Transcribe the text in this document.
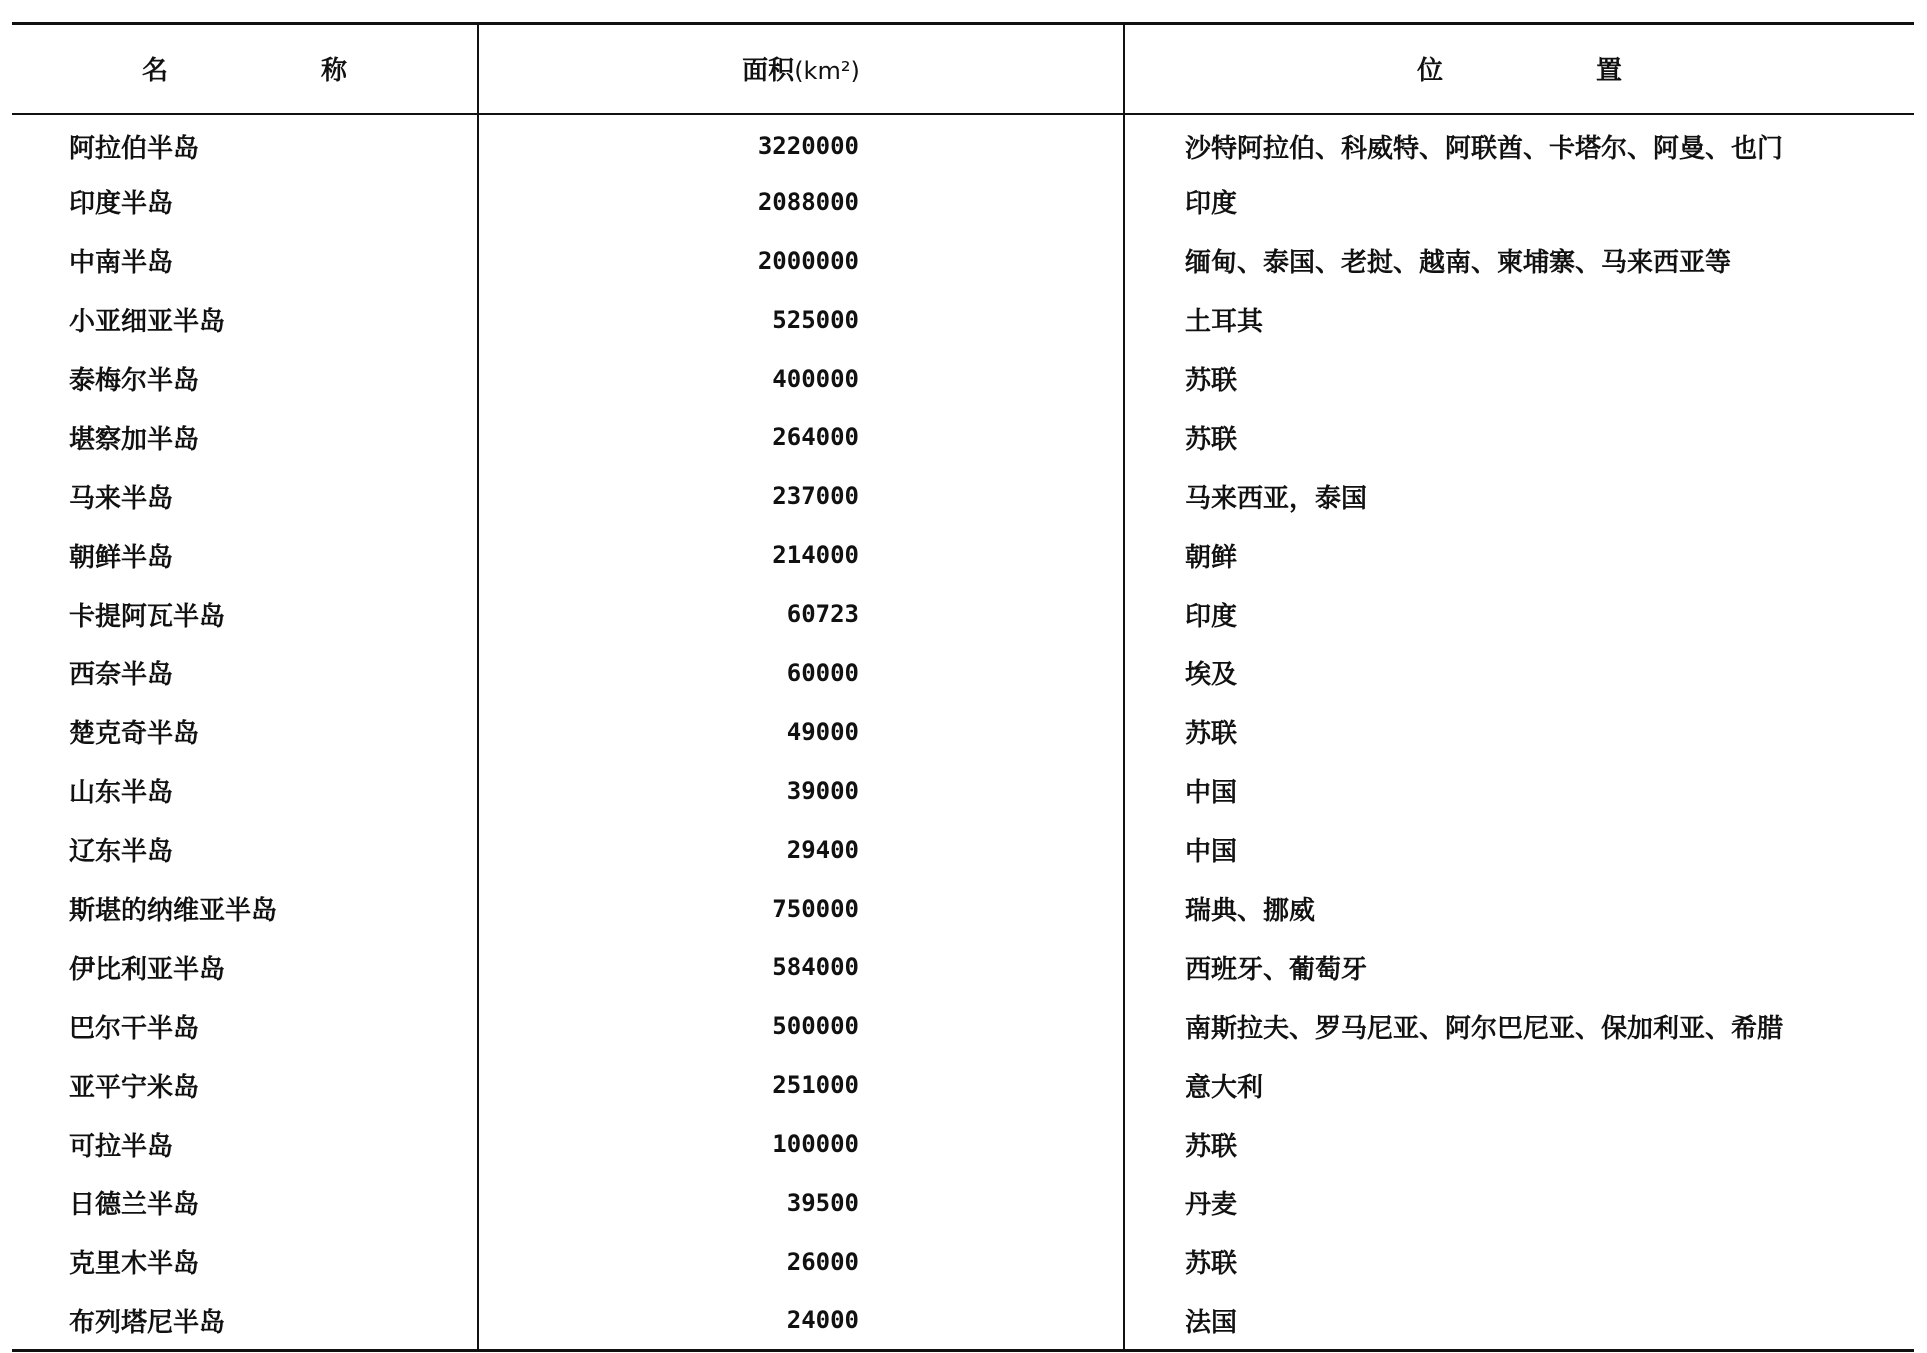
名 称	面积(km²)	位 置
阿拉伯半岛	3220000	沙特阿拉伯、科威特、阿联酋、卡塔尔、阿曼、也门
印度半岛	2088000	印度
中南半岛	2000000	缅甸、泰国、老挝、越南、柬埔寨、马来西亚等
小亚细亚半岛	525000	土耳其
泰梅尔半岛	400000	苏联
堪察加半岛	264000	苏联
马来半岛	237000	马来西亚，泰国
朝鲜半岛	214000	朝鲜
卡提阿瓦半岛	60723	印度
西奈半岛	60000	埃及
楚克奇半岛	49000	苏联
山东半岛	39000	中国
辽东半岛	29400	中国
斯堪的纳维亚半岛	750000	瑞典、挪威
伊比利亚半岛	584000	西班牙、葡萄牙
巴尔干半岛	500000	南斯拉夫、罗马尼亚、阿尔巴尼亚、保加利亚、希腊
亚平宁米岛	251000	意大利
可拉半岛	100000	苏联
日德兰半岛	39500	丹麦
克里木半岛	26000	苏联
布列塔尼半岛	24000	法国
